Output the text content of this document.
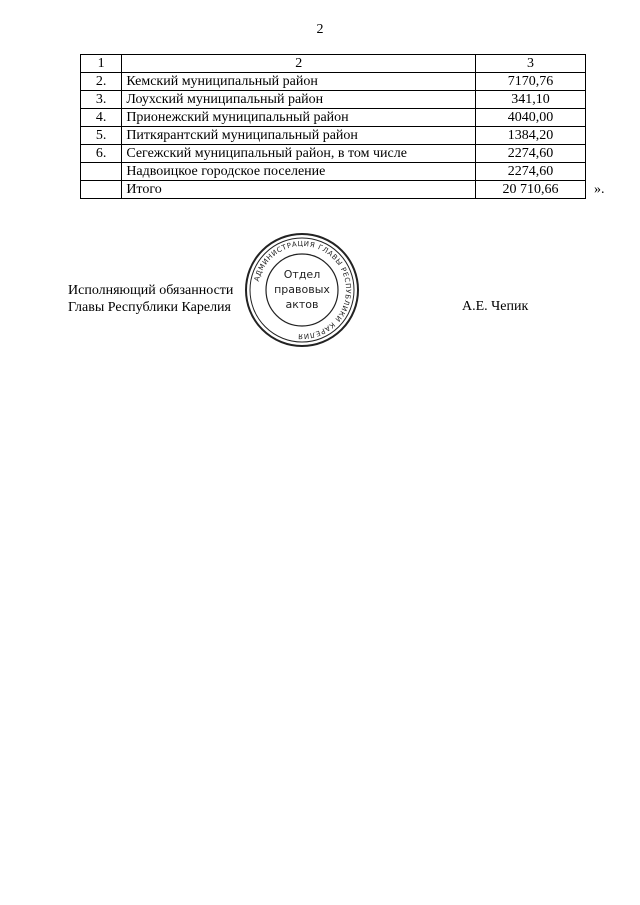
2
1	2	3
2.	Кемский муниципальный район	7170,76
3.	Лоухский муниципальный район	341,10
4.	Прионежский муниципальный район	4040,00
5.	Питкярантский муниципальный район	1384,20
6.	Сегежский муниципальный район, в том числе	2274,60
	Надвоицкое городское поселение	2274,60
	Итого	20 710,66	».
Исполняющий обязанности
Главы Республики Карелия	А.Е. Чепик
АДМИНИСТРАЦИЯ ГЛАВЫ РЕСПУБЛИКИ КАРЕЛИЯ
Отдел
правовых
актов
